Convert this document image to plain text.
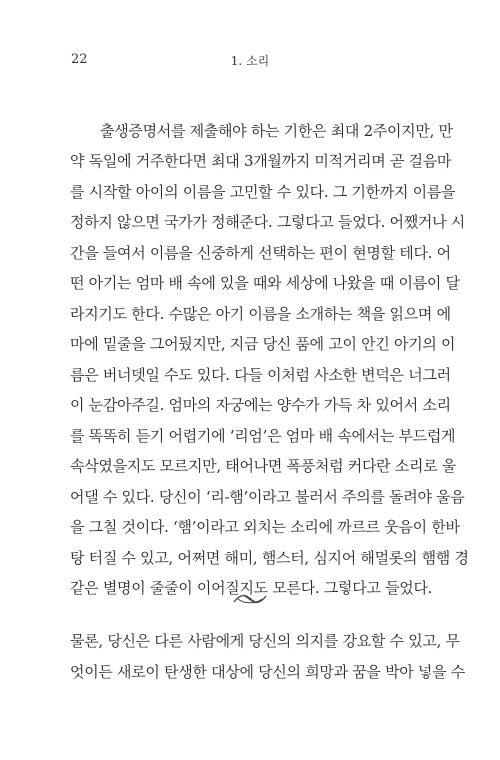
22	1. 소리

출생증명서를 제출해야 하는 기한은 최대 2주이지만, 만

약 독일에 거주한다면 최대 3개월까지 미적거리며 곧 걸음마

를 시작할 아이의 이름을 고민할 수 있다. 그 기한까지 이름을

정하지 않으면 국가가 정해준다. 그렇다고 들었다. 어쨌거나 시

간을 들여서 이름을 신중하게 선택하는 편이 현명할 테다. 어

떤 아기는 엄마 배 속에 있을 때와 세상에 나왔을 때 이름이 달

라지기도 한다. 수많은 아기 이름을 소개하는 책을 읽으며 에

마에 밑줄을 그어뒀지만, 지금 당신 품에 고이 안긴 아기의 이

름은 버너뎃일 수도 있다. 다들 이처럼 사소한 변덕은 너그러

이 눈감아주길. 엄마의 자궁에는 양수가 가득 차 있어서 소리

를 똑똑히 듣기 어렵기에 ‘리엄’은 엄마 배 속에서는 부드럽게

속삭였을지도 모르지만, 태어나면 폭풍처럼 커다란 소리로 울

어댈 수 있다. 당신이 ‘리-햄’이라고 불러서 주의를 돌려야 울음

을 그칠 것이다. ‘햄’이라고 외치는 소리에 까르르 웃음이 한바

탕 터질 수 있고, 어쩌면 해미, 햄스터, 심지어 해멀롯의 햄햄 경

같은 별명이 줄줄이 이어질지도 모른다. 그렇다고 들었다.

물론, 당신은 다른 사람에게 당신의 의지를 강요할 수 있고, 무

엇이든 새로이 탄생한 대상에 당신의 희망과 꿈을 박아 넣을 수
